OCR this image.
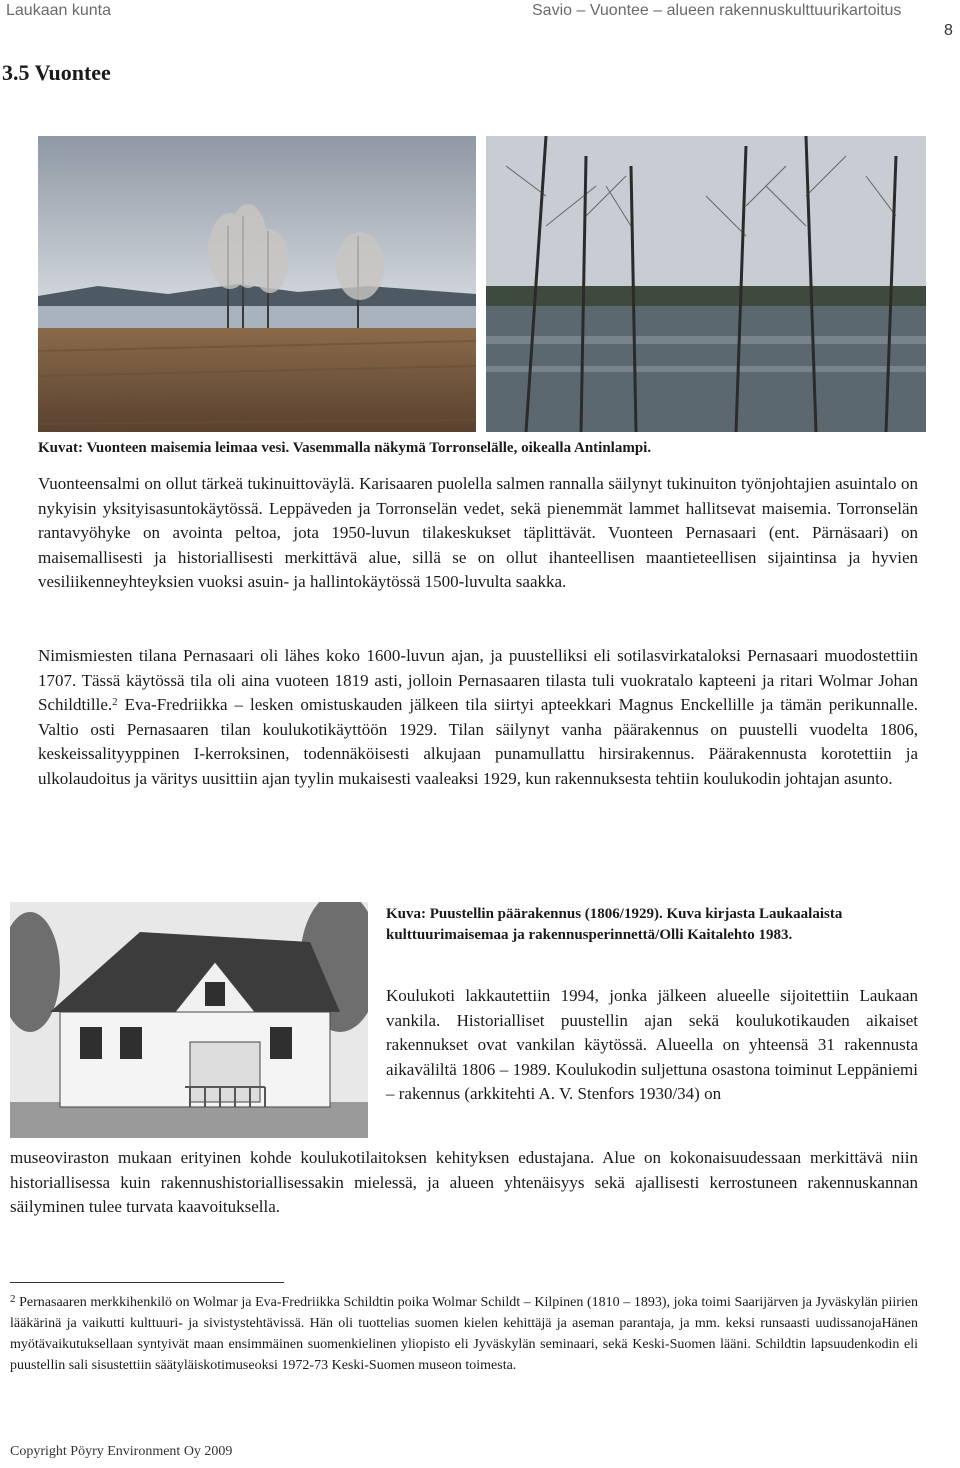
Laukaan kunta	Savio – Vuontee – alueen rakennuskulttuurikartoitus
8
3.5 Vuontee

Kuvat: Vuonteen maisemia leimaa vesi. Vasemmalla näkymä Torronselälle, oikealla Antinlampi.

Vuonteensalmi on ollut tärkeä tukinuittoväylä. Karisaaren puolella salmen rannalla säilynyt tukinuiton työnjohtajien asuintalo on nykyisin yksityisasuntokäytössä. Leppäveden ja Torronselän vedet, sekä pienemmät lammet hallitsevat maisemia. Torronselän rantavyöhyke on avointa peltoa, jota 1950-luvun tilakeskukset täplittävät. Vuonteen Pernasaari (ent. Pärnäsaari) on maisemallisesti ja historiallisesti merkittävä alue, sillä se on ollut ihanteellisen maantieteellisen sijaintinsa ja hyvien vesiliikenneyhteyksien vuoksi asuin- ja hallintokäytössä 1500-luvulta saakka.

Nimismiesten tilana Pernasaari oli lähes koko 1600-luvun ajan, ja puustelliksi eli sotilasvirkataloksi Pernasaari muodostettiin 1707. Tässä käytössä tila oli aina vuoteen 1819 asti, jolloin Pernasaaren tilasta tuli vuokratalo kapteeni ja ritari Wolmar Johan Schildtille.$^2$ Eva-Fredriikka – lesken omistuskauden jälkeen tila siirtyi apteekkari Magnus Enckellille ja tämän perikunnalle. Valtio osti Pernasaaren tilan koulukotikäyttöön 1929. Tilan säilynyt vanha päärakennus on puustelli vuodelta 1806, keskeissalityyppinen I-kerroksinen, todennäköisesti alkujaan punamullattu hirsirakennus. Päärakennusta korotettiin ja ulkolaudoitus ja väritys uusittiin ajan tyylin mukaisesti vaaleaksi 1929, kun rakennuksesta tehtiin koulukodin johtajan asunto.

Kuva: Puustellin päärakennus (1806/1929). Kuva kirjasta Laukaalaista kulttuurimaisemaa ja rakennusperinnettä/Olli Kaitalehto 1983.

Koulukoti lakkautettiin 1994, jonka jälkeen alueelle sijoitettiin Laukaan vankila. Historialliset puustellin ajan sekä koulukotikauden aikaiset rakennukset ovat vankilan käytössä. Alueella on yhteensä 31 rakennusta aikaväliltä 1806 – 1989. Koulukodin suljettuna osastona toiminut Leppäniemi – rakennus (arkkitehti A. V. Stenfors 1930/34) on

museoviraston mukaan erityinen kohde koulukotilaitoksen kehityksen edustajana. Alue on kokonaisuudessaan merkittävä niin historiallisessa kuin rakennushistoriallisessakin mielessä, ja alueen yhtenäisyys sekä ajallisesti kerrostuneen rakennuskannan säilyminen tulee turvata kaavoituksella.

$^2$ Pernasaaren merkkihenkilö on Wolmar ja Eva-Fredriikka Schildtin poika Wolmar Schildt – Kilpinen (1810 – 1893), joka toimi Saarijärven ja Jyväskylän piirien lääkärinä ja vaikutti kulttuuri- ja sivistystehtävissä. Hän oli tuottelias suomen kielen kehittäjä ja aseman parantaja, ja mm. keksi runsaasti uudissanojaHänen myötävaikutuksellaan syntyivät maan ensimmäinen suomenkielinen yliopisto eli Jyväskylän seminaari, sekä Keski-Suomen lääni. Schildtin lapsuudenkodin eli puustellin sali sisustettiin säätyläiskotimuseoksi 1972-73 Keski-Suomen museon toimesta.

Copyright Pöyry Environment Oy 2009
